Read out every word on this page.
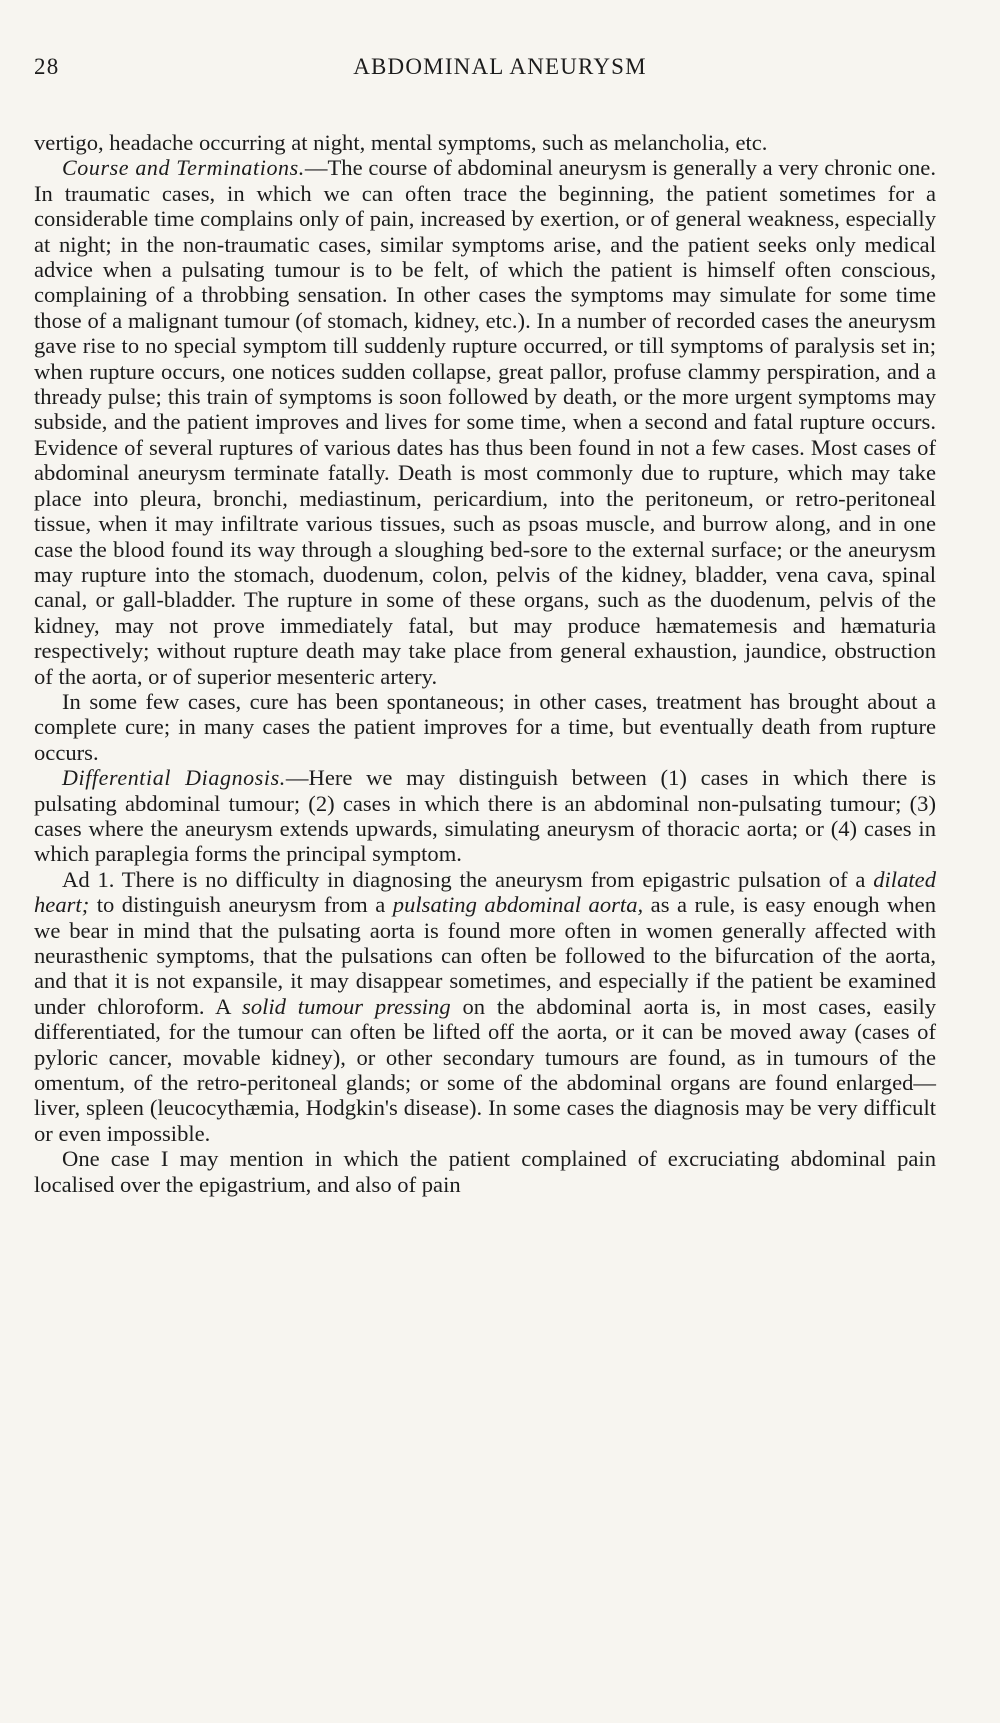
28	ABDOMINAL ANEURYSM

vertigo, headache occurring at night, mental symptoms, such as melancholia, etc.

Course and Terminations.—The course of abdominal aneurysm is generally a very chronic one. In traumatic cases, in which we can often trace the beginning, the patient sometimes for a considerable time complains only of pain, increased by exertion, or of general weakness, especially at night; in the non-traumatic cases, similar symptoms arise, and the patient seeks only medical advice when a pulsating tumour is to be felt, of which the patient is himself often conscious, complaining of a throbbing sensation. In other cases the symptoms may simulate for some time those of a malignant tumour (of stomach, kidney, etc.). In a number of recorded cases the aneurysm gave rise to no special symptom till suddenly rupture occurred, or till symptoms of paralysis set in; when rupture occurs, one notices sudden collapse, great pallor, profuse clammy perspiration, and a thready pulse; this train of symptoms is soon followed by death, or the more urgent symptoms may subside, and the patient improves and lives for some time, when a second and fatal rupture occurs. Evidence of several ruptures of various dates has thus been found in not a few cases. Most cases of abdominal aneurysm terminate fatally. Death is most commonly due to rupture, which may take place into pleura, bronchi, mediastinum, pericardium, into the peritoneum, or retro-peritoneal tissue, when it may infiltrate various tissues, such as psoas muscle, and burrow along, and in one case the blood found its way through a sloughing bed-sore to the external surface; or the aneurysm may rupture into the stomach, duodenum, colon, pelvis of the kidney, bladder, vena cava, spinal canal, or gall-bladder. The rupture in some of these organs, such as the duodenum, pelvis of the kidney, may not prove immediately fatal, but may produce hæmatemesis and hæmaturia respectively; without rupture death may take place from general exhaustion, jaundice, obstruction of the aorta, or of superior mesenteric artery.

In some few cases, cure has been spontaneous; in other cases, treatment has brought about a complete cure; in many cases the patient improves for a time, but eventually death from rupture occurs.

Differential Diagnosis.—Here we may distinguish between (1) cases in which there is pulsating abdominal tumour; (2) cases in which there is an abdominal non-pulsating tumour; (3) cases where the aneurysm extends upwards, simulating aneurysm of thoracic aorta; or (4) cases in which paraplegia forms the principal symptom.

Ad 1. There is no difficulty in diagnosing the aneurysm from epigastric pulsation of a dilated heart; to distinguish aneurysm from a pulsating abdominal aorta, as a rule, is easy enough when we bear in mind that the pulsating aorta is found more often in women generally affected with neurasthenic symptoms, that the pulsations can often be followed to the bifurcation of the aorta, and that it is not expansile, it may disappear sometimes, and especially if the patient be examined under chloroform. A solid tumour pressing on the abdominal aorta is, in most cases, easily differentiated, for the tumour can often be lifted off the aorta, or it can be moved away (cases of pyloric cancer, movable kidney), or other secondary tumours are found, as in tumours of the omentum, of the retro-peritoneal glands; or some of the abdominal organs are found enlarged—liver, spleen (leucocythæmia, Hodgkin's disease). In some cases the diagnosis may be very difficult or even impossible.

One case I may mention in which the patient complained of excruciating abdominal pain localised over the epigastrium, and also of pain
